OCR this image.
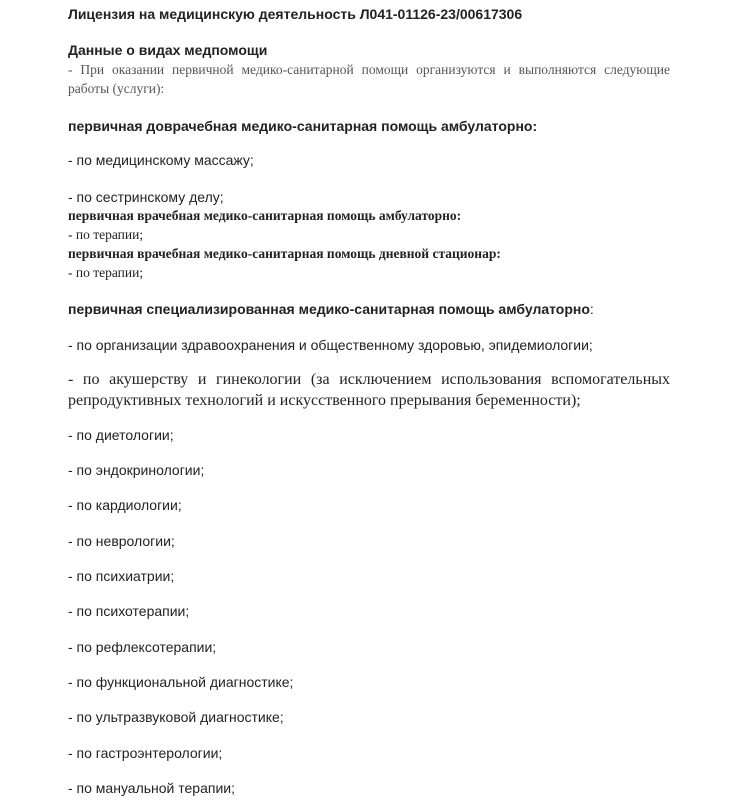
Лицензия на медицинскую деятельность Л041-01126-23/00617306
Данные о видах медпомощи
- При оказании первичной медико-санитарной помощи организуются и выполняются следующие работы (услуги):
первичная доврачебная медико-санитарная помощь амбулаторно:
- по медицинскому массажу;
- по сестринскому делу;
первичная врачебная медико-санитарная помощь амбулаторно:
- по терапии;
первичная врачебная медико-санитарная помощь дневной стационар:
- по терапии;
первичная специализированная медико-санитарная помощь амбулаторно:
- по организации здравоохранения и общественному здоровью, эпидемиологии;
- по акушерству и гинекологии (за исключением использования вспомогательных репродуктивных технологий и искусственного прерывания беременности);
- по диетологии;
- по эндокринологии;
- по кардиологии;
- по неврологии;
- по психиатрии;
- по психотерапии;
- по рефлексотерапии;
- по функциональной диагностике;
- по ультразвуковой диагностике;
- по гастроэнтерологии;
- по мануальной терапии;
